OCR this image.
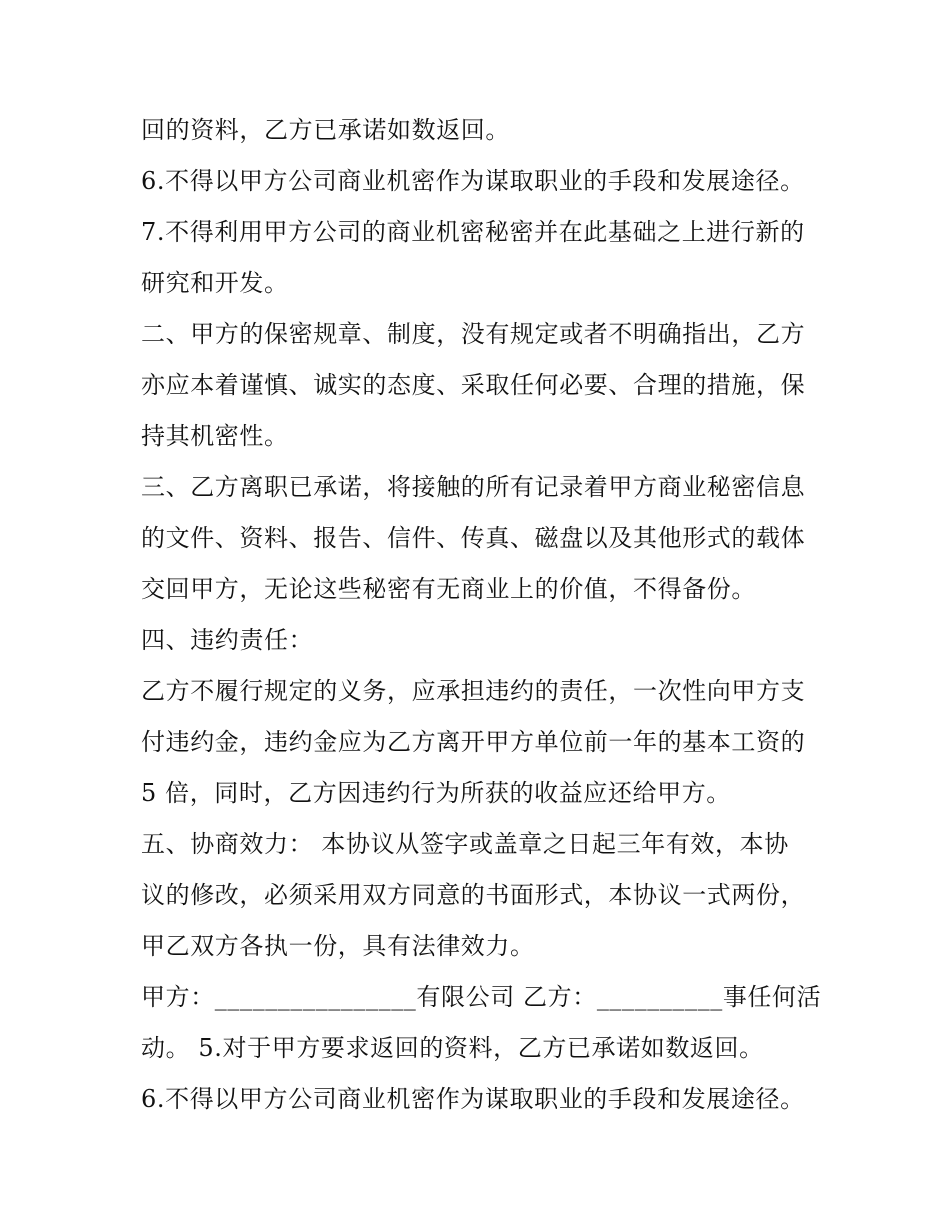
回的资料，乙方已承诺如数返回。
6.不得以甲方公司商业机密作为谋取职业的手段和发展途径。
7.不得利用甲方公司的商业机密秘密并在此基础之上进行新的
研究和开发。
二、甲方的保密规章、制度，没有规定或者不明确指出，乙方
亦应本着谨慎、诚实的态度、采取任何必要、合理的措施，保
持其机密性。
三、乙方离职已承诺，将接触的所有记录着甲方商业秘密信息
的文件、资料、报告、信件、传真、磁盘以及其他形式的载体
交回甲方，无论这些秘密有无商业上的价值，不得备份。
四、违约责任：
乙方不履行规定的义务，应承担违约的责任，一次性向甲方支
付违约金，违约金应为乙方离开甲方单位前一年的基本工资的
5 倍，同时，乙方因违约行为所获的收益应还给甲方。
五、协商效力： 本协议从签字或盖章之日起三年有效，本协
议的修改，必须采用双方同意的书面形式，本协议一式两份，
甲乙双方各执一份，具有法律效力。
甲方：________________有限公司 乙方：__________事任何活
动。 5.对于甲方要求返回的资料，乙方已承诺如数返回。
6.不得以甲方公司商业机密作为谋取职业的手段和发展途径。
